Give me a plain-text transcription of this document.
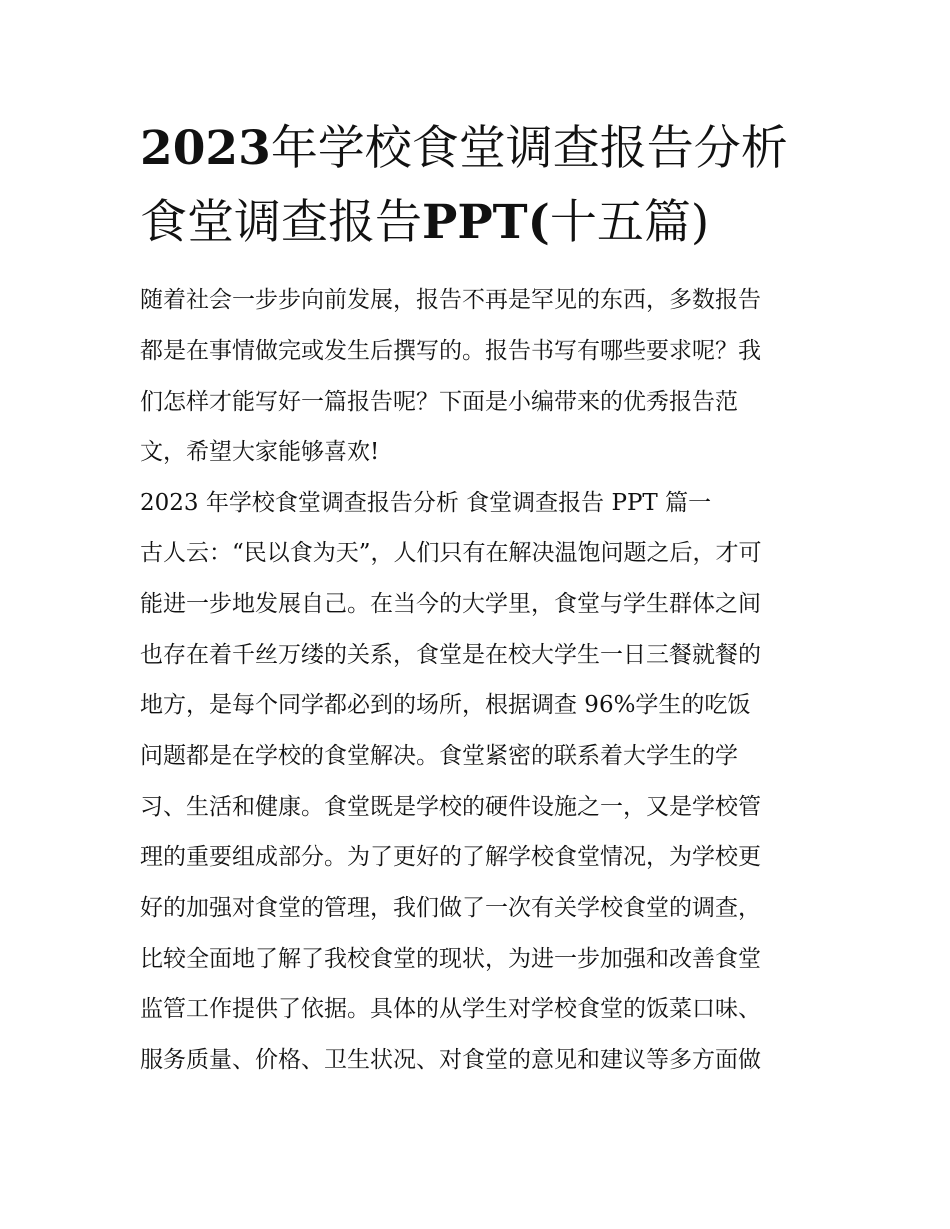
2023年学校食堂调查报告分析
食堂调查报告PPT(十五篇)

随着社会一步步向前发展，报告不再是罕见的东西，多数报告

都是在事情做完或发生后撰写的。报告书写有哪些要求呢？我

们怎样才能写好一篇报告呢？下面是小编带来的优秀报告范

文，希望大家能够喜欢!

2023 年学校食堂调查报告分析 食堂调查报告 PPT 篇一

古人云：“民以食为天”，人们只有在解决温饱问题之后，才可

能进一步地发展自己。在当今的大学里，食堂与学生群体之间

也存在着千丝万缕的关系，食堂是在校大学生一日三餐就餐的

地方，是每个同学都必到的场所，根据调查 96%学生的吃饭

问题都是在学校的食堂解决。食堂紧密的联系着大学生的学

习、生活和健康。食堂既是学校的硬件设施之一，又是学校管

理的重要组成部分。为了更好的了解学校食堂情况，为学校更

好的加强对食堂的管理，我们做了一次有关学校食堂的调查，

比较全面地了解了我校食堂的现状，为进一步加强和改善食堂

监管工作提供了依据。具体的从学生对学校食堂的饭菜口味、

服务质量、价格、卫生状况、对食堂的意见和建议等多方面做
